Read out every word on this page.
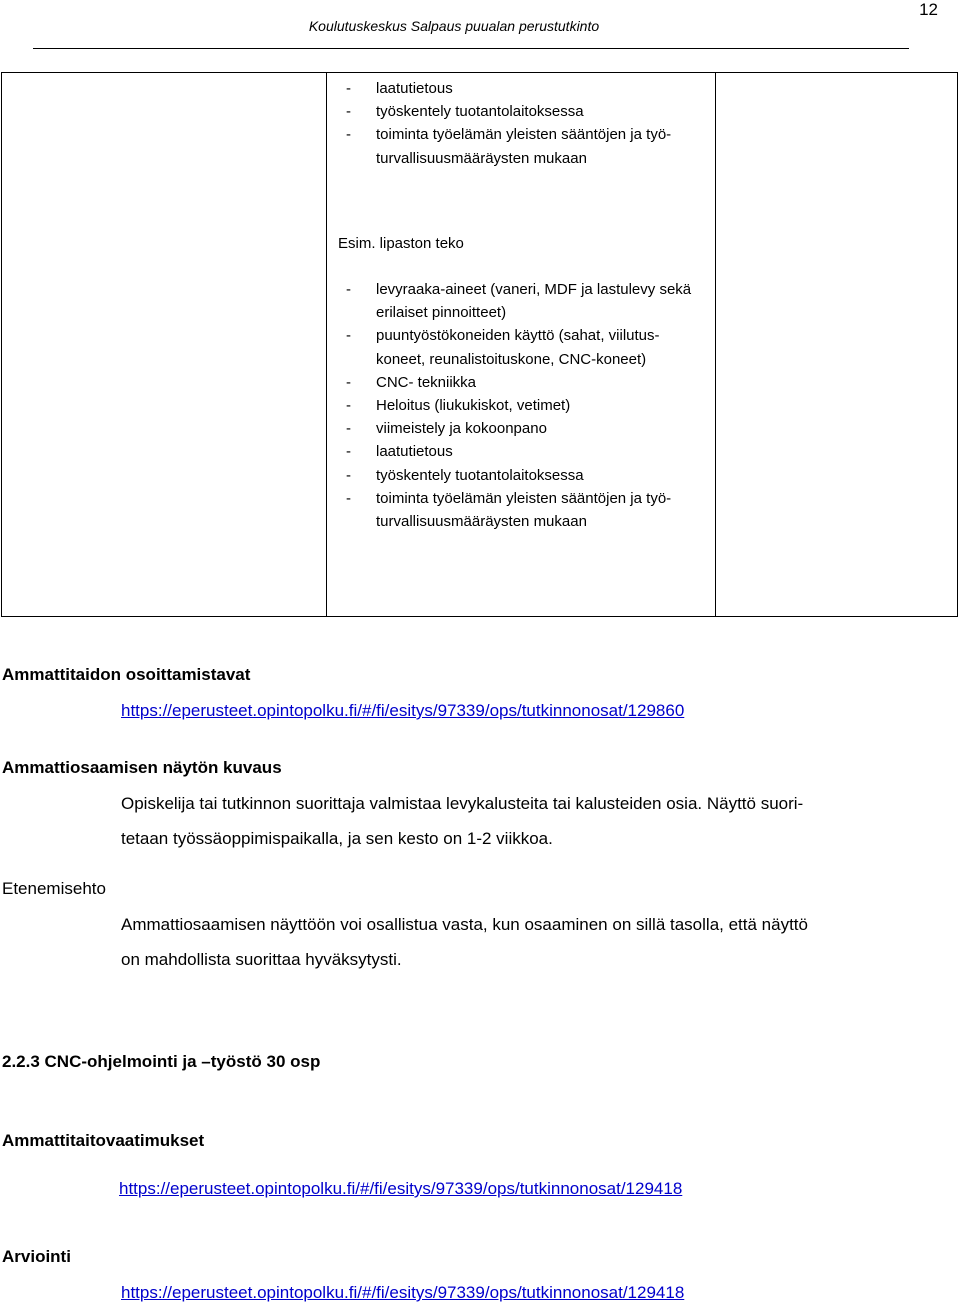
Koulutuskeskus Salpaus puualan perustutkinto
12
- laatutietous
- työskentely tuotantolaitoksessa
- toiminta työelämän yleisten sääntöjen ja työ-turvallisuusmääräysten mukaan
Esim. lipaston teko
- levyraaka-aineet (vaneri, MDF ja lastulevy sekä erilaiset pinnoitteet)
- puuntyöstökoneiden käyttö (sahat, viilutus-koneet, reunalistoituskone, CNC-koneet)
- CNC- tekniikka
- Heloitus (liukukiskot, vetimet)
- viimeistely ja kokoonpano
- laatutietous
- työskentely tuotantolaitoksessa
- toiminta työelämän yleisten sääntöjen ja työ-turvallisuusmääräysten mukaan
Ammattitaidon osoittamistavat
https://eperusteet.opintopolku.fi/#/fi/esitys/97339/ops/tutkinnonosat/129860
Ammattiosaamisen näytön kuvaus
Opiskelija tai tutkinnon suorittaja valmistaa levykalusteita tai kalusteiden osia. Näyttö suori-
tetaan työssäoppimispaikalla, ja sen kesto on 1-2 viikkoa.
Etenemisehto
Ammattiosaamisen näyttöön voi osallistua vasta, kun osaaminen on sillä tasolla, että näyttö
on mahdollista suorittaa hyväksytysti.
2.2.3 CNC-ohjelmointi ja –työstö 30 osp
Ammattitaitovaatimukset
https://eperusteet.opintopolku.fi/#/fi/esitys/97339/ops/tutkinnonosat/129418
Arviointi
https://eperusteet.opintopolku.fi/#/fi/esitys/97339/ops/tutkinnonosat/129418
